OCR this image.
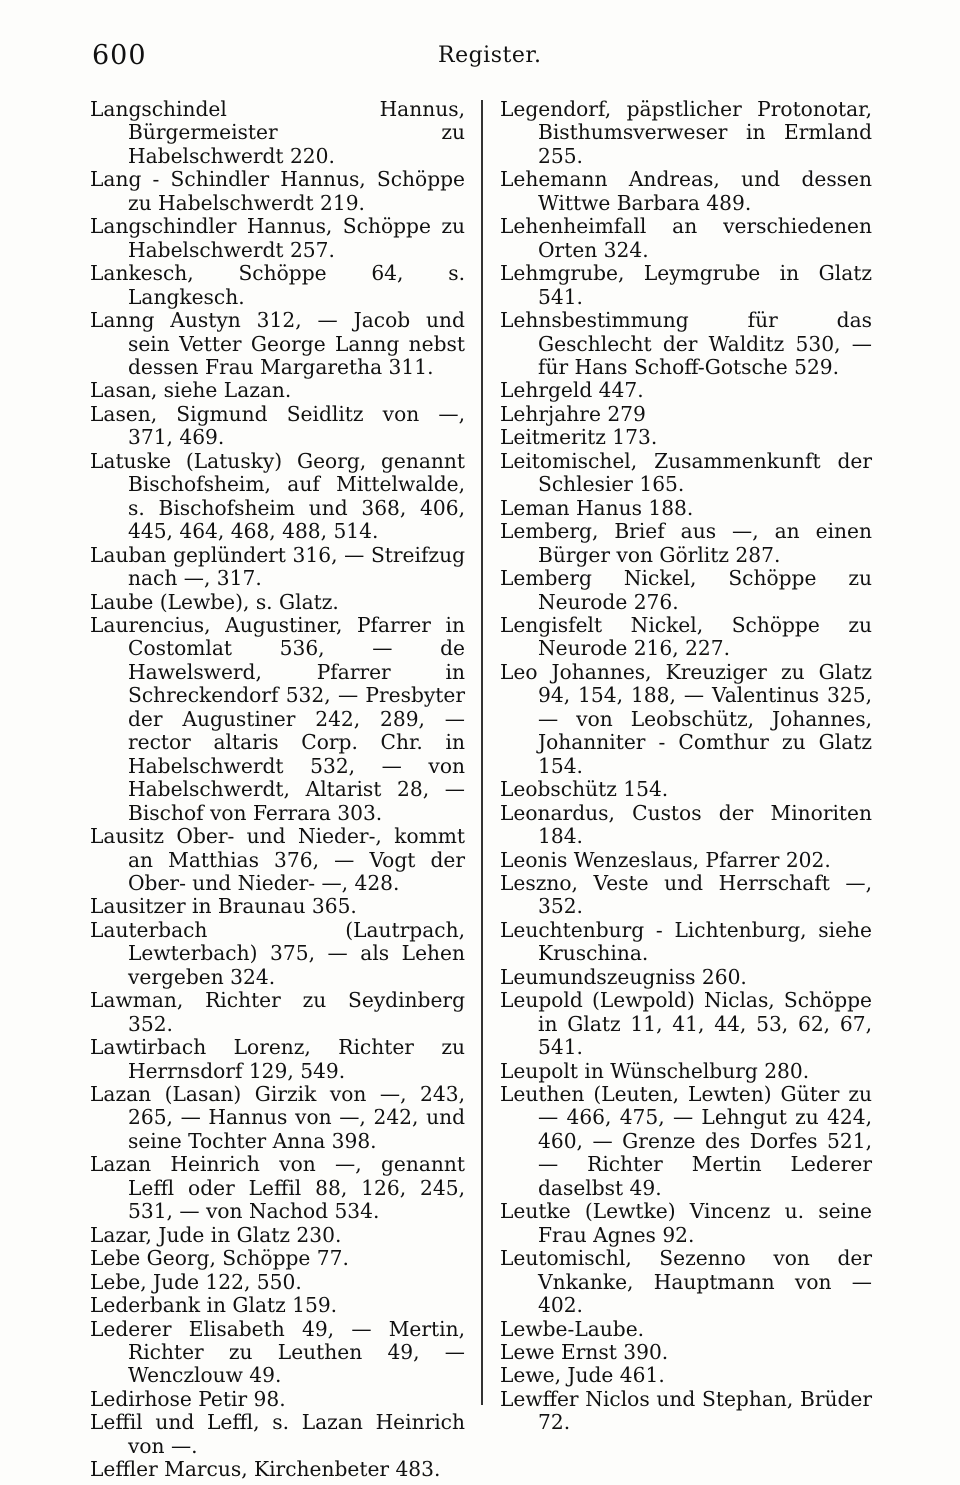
600	Register.

Langschindel Hannus, Bürgermeister zu Habelschwerdt 220.

Lang - Schindler Hannus, Schöppe zu Habelschwerdt 219.

Langschindler Hannus, Schöppe zu Habelschwerdt 257.

Lankesch, Schöppe 64, s. Langkesch.

Lanng Austyn 312, — Jacob und sein Vetter George Lanng nebst dessen Frau Margaretha 311.

Lasan, siehe Lazan.

Lasen, Sigmund Seidlitz von —, 371, 469.

Latuske (Latusky) Georg, genannt Bischofsheim, auf Mittelwalde, s. Bischofsheim und 368, 406, 445, 464, 468, 488, 514.

Lauban geplündert 316, — Streifzug nach —, 317.

Laube (Lewbe), s. Glatz.

Laurencius, Augustiner, Pfarrer in Costomlat 536, — de Hawelswerd, Pfarrer in Schreckendorf 532, — Presbyter der Augustiner 242, 289, — rector altaris Corp. Chr. in Habelschwerdt 532, — von Habelschwerdt, Altarist 28, — Bischof von Ferrara 303.

Lausitz Ober- und Nieder-, kommt an Matthias 376, — Vogt der Ober- und Nieder- —, 428.

Lausitzer in Braunau 365.

Lauterbach (Lautrpach, Lewterbach) 375, — als Lehen vergeben 324.

Lawman, Richter zu Seydinberg 352.

Lawtirbach Lorenz, Richter zu Herrnsdorf 129, 549.

Lazan (Lasan) Girzik von —, 243, 265, — Hannus von —, 242, und seine Tochter Anna 398.

Lazan Heinrich von —, genannt Leffl oder Leffil 88, 126, 245, 531, — von Nachod 534.

Lazar, Jude in Glatz 230.

Lebe Georg, Schöppe 77.

Lebe, Jude 122, 550.

Lederbank in Glatz 159.

Lederer Elisabeth 49, — Mertin, Richter zu Leuthen 49, — Wenczlouw 49.

Ledirhose Petir 98.

Leffil und Leffl, s. Lazan Heinrich von —.

Leffler Marcus, Kirchenbeter 483.

Legendorf, päpstlicher Protonotar, Bisthumsverweser in Ermland 255.

Lehemann Andreas, und dessen Wittwe Barbara 489.

Lehenheimfall an verschiedenen Orten 324.

Lehmgrube, Leymgrube in Glatz 541.

Lehnsbestimmung für das Geschlecht der Walditz 530, — für Hans Schoff-Gotsche 529.

Lehrgeld 447.

Lehrjahre 279

Leitmeritz 173.

Leitomischel, Zusammenkunft der Schlesier 165.

Leman Hanus 188.

Lemberg, Brief aus —, an einen Bürger von Görlitz 287.

Lemberg Nickel, Schöppe zu Neurode 276.

Lengisfelt Nickel, Schöppe zu Neurode 216, 227.

Leo Johannes, Kreuziger zu Glatz 94, 154, 188, — Valentinus 325, — von Leobschütz, Johannes, Johanniter - Comthur zu Glatz 154.

Leobschütz 154.

Leonardus, Custos der Minoriten 184.

Leonis Wenzeslaus, Pfarrer 202.

Leszno, Veste und Herrschaft —, 352.

Leuchtenburg - Lichtenburg, siehe Kruschina.

Leumundszeugniss 260.

Leupold (Lewpold) Niclas, Schöppe in Glatz 11, 41, 44, 53, 62, 67, 541.

Leupolt in Wünschelburg 280.

Leuthen (Leuten, Lewten) Güter zu — 466, 475, — Lehngut zu 424, 460, — Grenze des Dorfes 521, — Richter Mertin Lederer daselbst 49.

Leutke (Lewtke) Vincenz u. seine Frau Agnes 92.

Leutomischl, Sezenno von der Vnkanke, Hauptmann von — 402.

Lewbe-Laube.

Lewe Ernst 390.

Lewe, Jude 461.

Lewffer Niclos und Stephan, Brüder 72.
